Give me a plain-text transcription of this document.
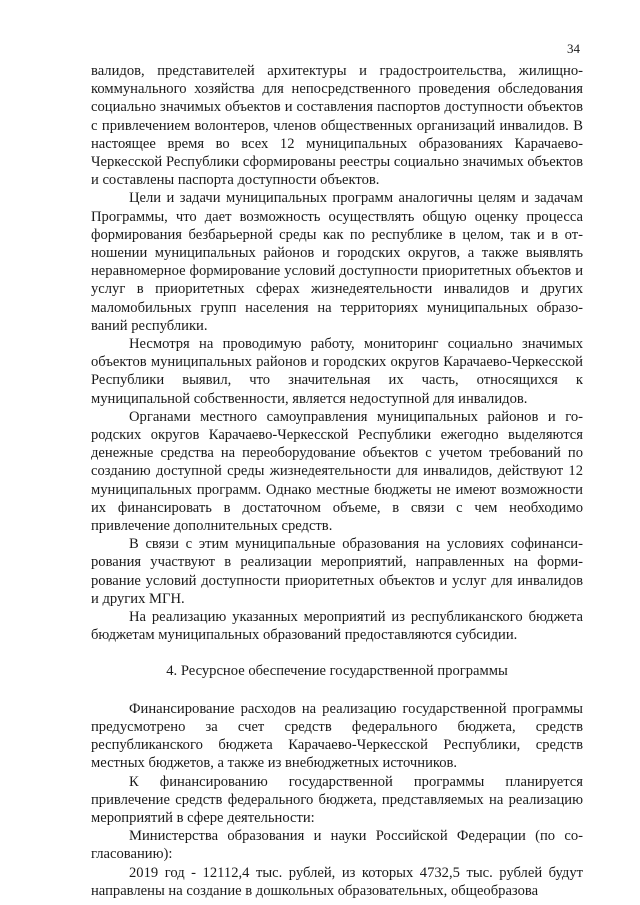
34

валидов, представителей архитектуры и градостроительства, жилищно-коммунального хозяйства для непосредственного проведения обследования социально значимых объектов и составления паспортов доступности объектов с привлечением волонтеров, членов общественных организаций инвалидов. В настоящее время во всех 12 муниципальных образованиях Карачаево-Черкесской Республики сформированы реестры социально значимых объектов и составлены паспорта доступности объектов.

Цели и задачи муниципальных программ аналогичны целям и задачам Программы, что дает возможность осуществлять общую оценку процесса формирования безбарьерной среды как по республике в целом, так и в отношении муниципальных районов и городских округов, а также выявлять неравномерное формирование условий доступности приоритетных объектов и услуг в приоритетных сферах жизнедеятельности инвалидов и других маломобильных групп населения на территориях муниципальных образований республики.

Несмотря на проводимую работу, мониторинг социально значимых объектов муниципальных районов и городских округов Карачаево-Черкесской Республики выявил, что значительная их часть, относящихся к муниципальной собственности, является недоступной для инвалидов.

Органами местного самоуправления муниципальных районов и городских округов Карачаево-Черкесской Республики ежегодно выделяются денежные средства на переоборудование объектов с учетом требований по созданию доступной среды жизнедеятельности для инвалидов, действуют 12 муниципальных программ. Однако местные бюджеты не имеют возможности их финансировать в достаточном объеме, в связи с чем необходимо привлечение дополнительных средств.

В связи с этим муниципальные образования на условиях софинансирования участвуют в реализации мероприятий, направленных на формирование условий доступности приоритетных объектов и услуг для инвалидов и других МГН.

На реализацию указанных мероприятий из республиканского бюджета бюджетам муниципальных образований предоставляются субсидии.

4. Ресурсное обеспечение государственной программы

Финансирование расходов на реализацию государственной программы предусмотрено за счет средств федерального бюджета, средств республиканского бюджета Карачаево-Черкесской Республики, средств местных бюджетов, а также из внебюджетных источников.

К финансированию государственной программы планируется привлечение средств федерального бюджета, представляемых на реализацию мероприятий в сфере деятельности:

Министерства образования и науки Российской Федерации (по согласованию):

2019 год - 12112,4 тыс. рублей, из которых 4732,5 тыс. рублей будут направлены на создание в дошкольных образовательных, общеобразова
